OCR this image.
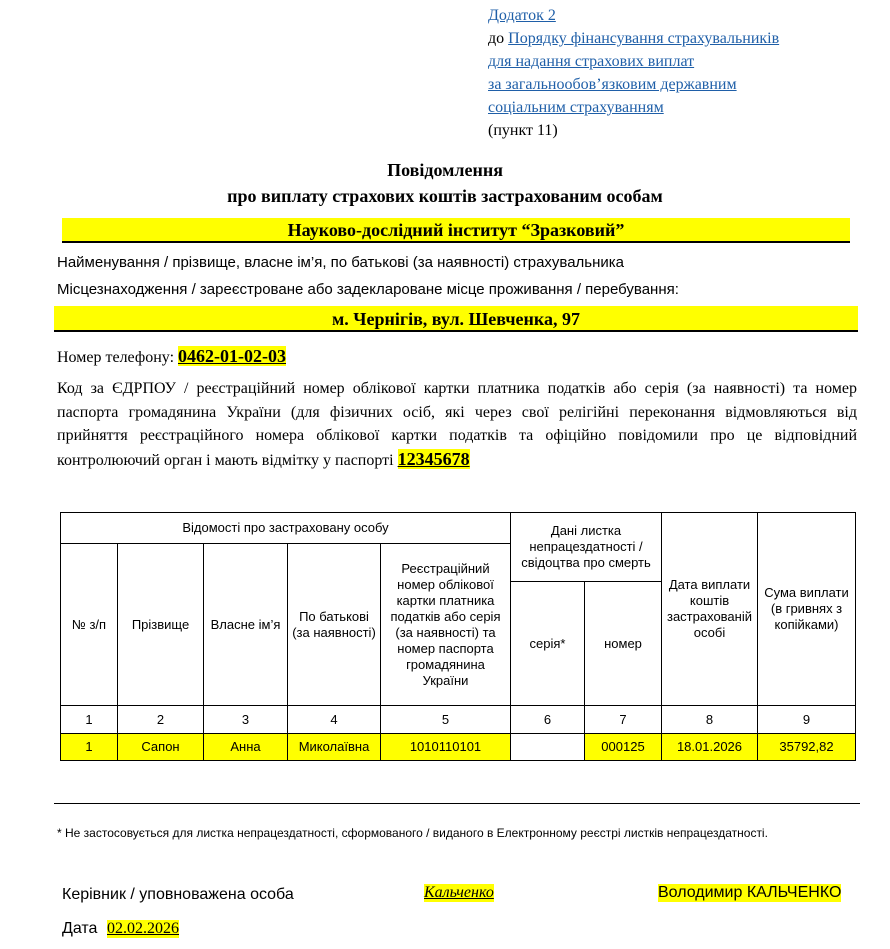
Додаток 2
до Порядку фінансування страхувальників
для надання страхових виплат
за загальнообов’язковим державним
соціальним страхуванням
(пункт 11)
Повідомлення
про виплату страхових коштів застрахованим особам
Науково-дослідний інститут “Зразковий”
Найменування / прізвище, власне ім’я, по батькові (за наявності) страхувальника
Місцезнаходження / зареєстроване або задеклароване місце проживання / перебування:
м. Чернігів, вул. Шевченка, 97
Номер телефону: 0462-01-02-03
Код за ЄДРПОУ / реєстраційний номер облікової картки платника податків або серія (за наявності) та номер паспорта громадянина України (для фізичних осіб, які через свої релігійні переконання відмовляються від прийняття реєстраційного номера облікової картки податків та офіційно повідомили про це відповідний контролюючий орган і мають відмітку у паспорті 12345678
Відомості про застраховану особу					Дані листка непрацездатності / свідоцтва про смерть		Дата виплати коштів застрахованій особі	Сума виплати (в гривнях з копійками)
№ з/п	Прізвище	Власне ім’я	По батькові (за наявності)	Реєстраційний номер облікової картки платника податків або серія (за наявності) та номер паспорта громадянина України				
					серія*	номер		
1	2	3	4	5	6	7	8	9
1	Сапон	Анна	Миколаївна	1010110101		000125	18.01.2026	35792,82
* Не застосовується для листка непрацездатності, сформованого / виданого в Електронному реєстрі листків непрацездатності.
Керівник / уповноважена особа	Кальченко	Володимир КАЛЬЧЕНКО
Дата 02.02.2026
